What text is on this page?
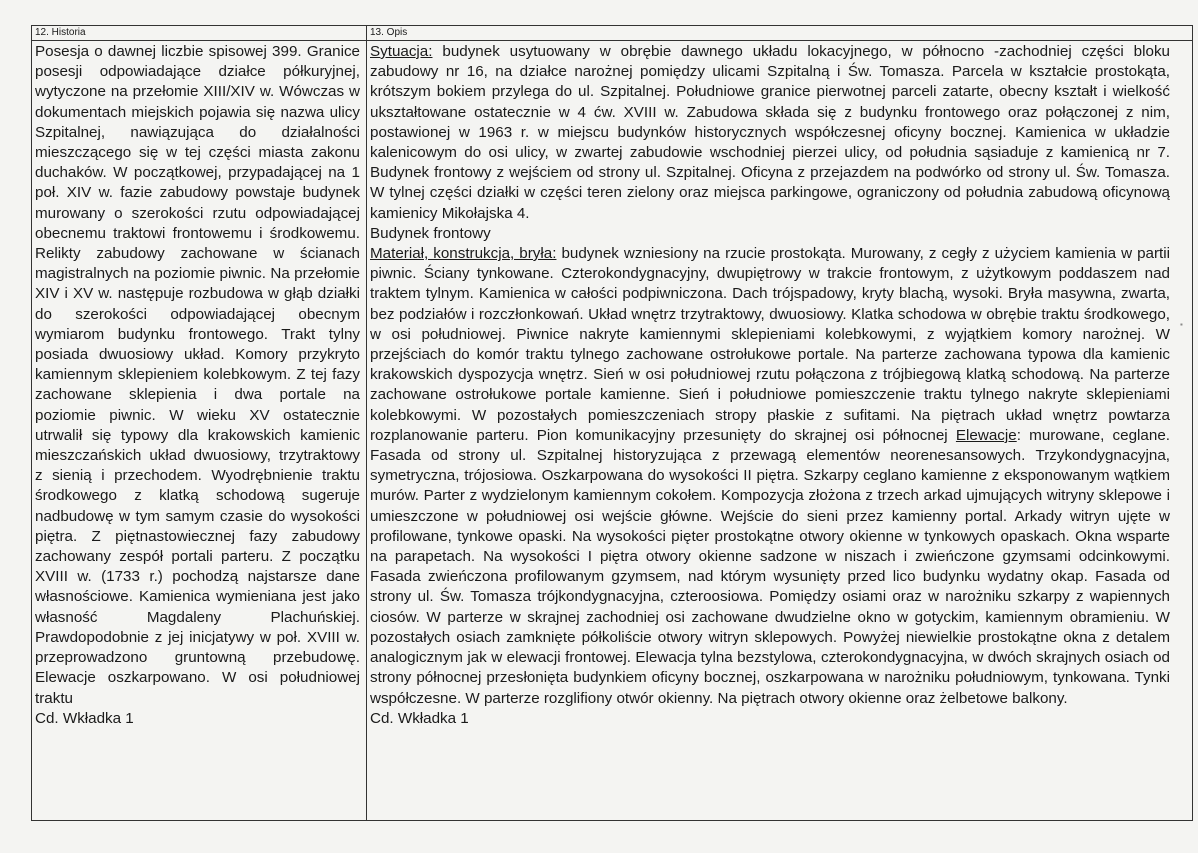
12. Historia	13. Opis

Posesja o dawnej liczbie spisowej 399. Granice posesji odpowiadające działce półkuryjnej, wytyczone na przełomie XIII/XIV w. Wówczas w dokumentach miejskich pojawia się nazwa ulicy Szpitalnej, nawiązująca do działalności mieszczącego się w tej części miasta zakonu duchaków. W początkowej, przypadającej na 1 poł. XIV w. fazie zabudowy powstaje budynek murowany o szerokości rzutu odpowiadającej obecnemu traktowi frontowemu i środkowemu. Relikty zabudowy zachowane w ścianach magistralnych na poziomie piwnic. Na przełomie XIV i XV w. następuje rozbudowa w głąb działki do szerokości odpowiadającej obecnym wymiarom budynku frontowego. Trakt tylny posiada dwuosiowy układ. Komory przykryto kamiennym sklepieniem kolebkowym. Z tej fazy zachowane sklepienia i dwa portale na poziomie piwnic. W wieku XV ostatecznie utrwalił się typowy dla krakowskich kamienic mieszczańskich układ dwuosiowy, trzytraktowy z sienią i przechodem. Wyodrębnienie traktu środkowego z klatką schodową sugeruje nadbudowę w tym samym czasie do wysokości piętra. Z piętnastowiecznej fazy zabudowy zachowany zespół portali parteru. Z początku XVIII w. (1733 r.) pochodzą najstarsze dane własnościowe. Kamienica wymieniana jest jako własność Magdaleny Plachuńskiej. Prawdopodobnie z jej inicjatywy w poł. XVIII w. przeprowadzono gruntowną przebudowę. Elewacje oszkarpowano. W osi południowej traktu

Cd. Wkładka 1

Sytuacja: budynek usytuowany w obrębie dawnego układu lokacyjnego, w północno -zachodniej części bloku zabudowy nr 16, na działce narożnej pomiędzy ulicami Szpitalną i Św. Tomasza. Parcela w kształcie prostokąta, krótszym bokiem przylega do ul. Szpitalnej. Południowe granice pierwotnej parceli zatarte, obecny kształt i wielkość ukształtowane ostatecznie w 4 ćw. XVIII w. Zabudowa składa się z budynku frontowego oraz połączonej z nim, postawionej w 1963 r. w miejscu budynków historycznych współczesnej oficyny bocznej. Kamienica w układzie kalenicowym do osi ulicy, w zwartej zabudowie wschodniej pierzei ulicy, od południa sąsiaduje z kamienicą nr 7. Budynek frontowy z wejściem od strony ul. Szpitalnej. Oficyna z przejazdem na podwórko od strony ul. Św. Tomasza. W tylnej części działki w części teren zielony oraz miejsca parkingowe, ograniczony od południa zabudową oficynową kamienicy Mikołajska 4.

Budynek frontowy

Materiał, konstrukcja, bryła: budynek wzniesiony na rzucie prostokąta. Murowany, z cegły z użyciem kamienia w partii piwnic. Ściany tynkowane. Czterokondygnacyjny, dwupiętrowy w trakcie frontowym, z użytkowym poddaszem nad traktem tylnym. Kamienica w całości podpiwniczona. Dach trójspadowy, kryty blachą, wysoki. Bryła masywna, zwarta, bez podziałów i rozczłonkowań. Układ wnętrz trzytraktowy, dwuosiowy. Klatka schodowa w obrębie traktu środkowego, w osi południowej. Piwnice nakryte kamiennymi sklepieniami kolebkowymi, z wyjątkiem komory narożnej. W przejściach do komór traktu tylnego zachowane ostrołukowe portale. Na parterze zachowana typowa dla kamienic krakowskich dyspozycja wnętrz. Sień w osi południowej rzutu połączona z trójbiegową klatką schodową. Na parterze zachowane ostrołukowe portale kamienne. Sień i południowe pomieszczenie traktu tylnego nakryte sklepieniami kolebkowymi. W pozostałych pomieszczeniach stropy płaskie z sufitami. Na piętrach układ wnętrz powtarza rozplanowanie parteru. Pion komunikacyjny przesunięty do skrajnej osi północnej Elewacje: murowane, ceglane. Fasada od strony ul. Szpitalnej historyzująca z przewagą elementów neorenesansowych. Trzykondygnacyjna, symetryczna, trójosiowa. Oszkarpowana do wysokości II piętra. Szkarpy ceglano kamienne z eksponowanym wątkiem murów. Parter z wydzielonym kamiennym cokołem. Kompozycja złożona z trzech arkad ujmujących witryny sklepowe i umieszczone w południowej osi wejście główne. Wejście do sieni przez kamienny portal. Arkady witryn ujęte w profilowane, tynkowe opaski. Na wysokości pięter prostokątne otwory okienne w tynkowych opaskach. Okna wsparte na parapetach. Na wysokości I piętra otwory okienne sadzone w niszach i zwieńczone gzymsami odcinkowymi. Fasada zwieńczona profilowanym gzymsem, nad którym wysunięty przed lico budynku wydatny okap. Fasada od strony ul. Św. Tomasza trójkondygnacyjna, czteroosiowa. Pomiędzy osiami oraz w narożniku szkarpy z wapiennych ciosów. W parterze w skrajnej zachodniej osi zachowane dwudzielne okno w gotyckim, kamiennym obramieniu. W pozostałych osiach zamknięte półkoliście otwory witryn sklepowych. Powyżej niewielkie prostokątne okna z detalem analogicznym jak w elewacji frontowej. Elewacja tylna bezstylowa, czterokondygnacyjna, w dwóch skrajnych osiach od strony północnej przesłonięta budynkiem oficyny bocznej, oszkarpowana w narożniku południowym, tynkowana. Tynki współczesne. W parterze rozglifiony otwór okienny. Na piętrach otwory okienne oraz żelbetowe balkony.

Cd. Wkładka 1

▪
